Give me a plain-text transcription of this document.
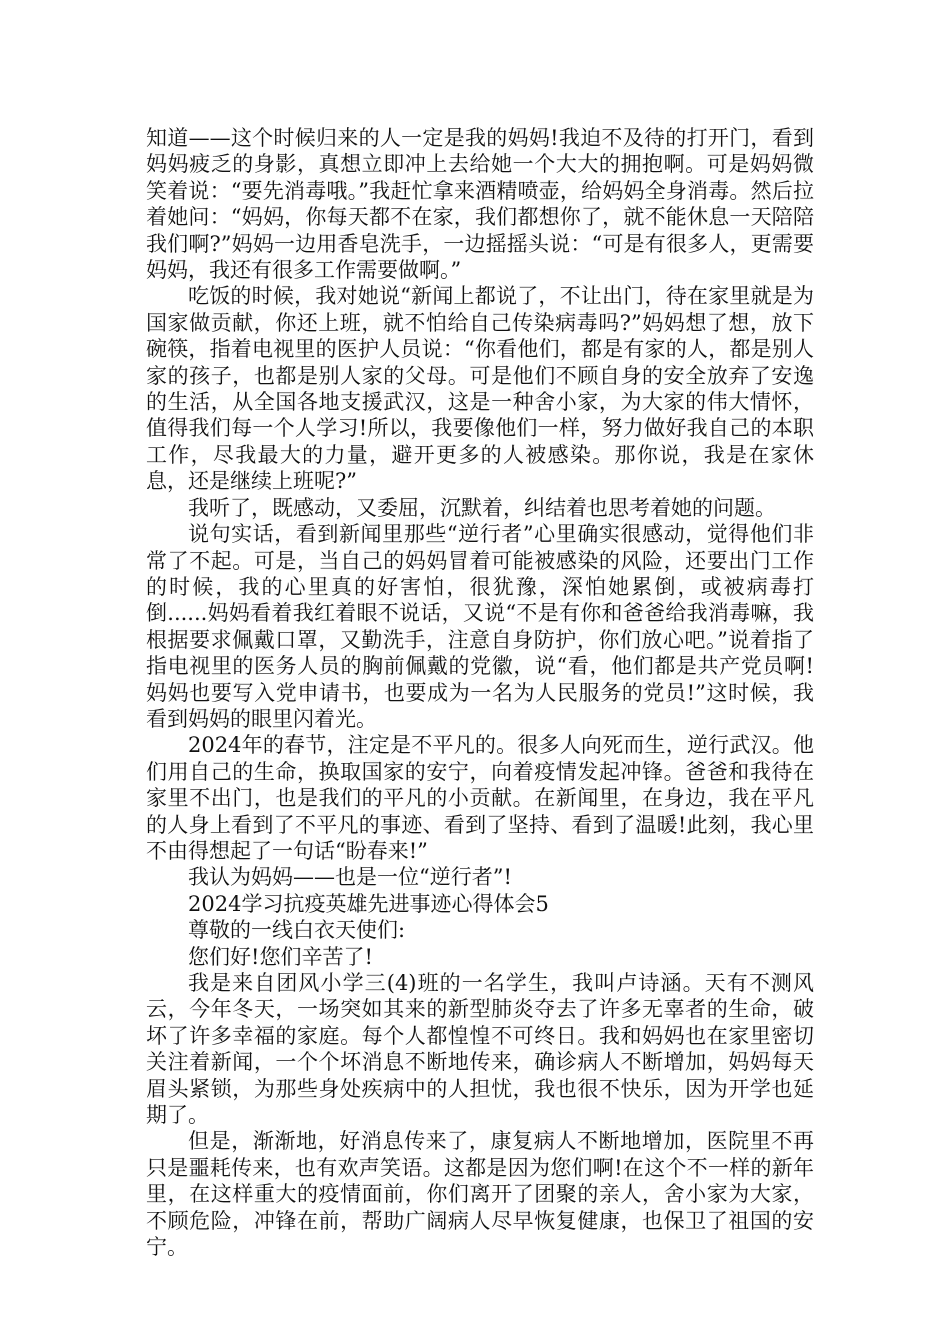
知道——这个时候归来的人一定是我的妈妈!我迫不及待的打开门，看到妈妈疲乏的身影，真想立即冲上去给她一个大大的拥抱啊。可是妈妈微笑着说：“要先消毒哦。”我赶忙拿来酒精喷壶，给妈妈全身消毒。然后拉着她问：“妈妈，你每天都不在家，我们都想你了，就不能休息一天陪陪我们啊?”妈妈一边用香皂洗手，一边摇摇头说：“可是有很多人，更需要妈妈，我还有很多工作需要做啊。”

吃饭的时候，我对她说“新闻上都说了，不让出门，待在家里就是为国家做贡献，你还上班，就不怕给自己传染病毒吗?”妈妈想了想，放下碗筷，指着电视里的医护人员说：“你看他们，都是有家的人，都是别人家的孩子，也都是别人家的父母。可是他们不顾自身的安全放弃了安逸的生活，从全国各地支援武汉，这是一种舍小家，为大家的伟大情怀，值得我们每一个人学习!所以，我要像他们一样，努力做好我自己的本职工作，尽我最大的力量，避开更多的人被感染。那你说，我是在家休息，还是继续上班呢?”

我听了，既感动，又委屈，沉默着，纠结着也思考着她的问题。

说句实话，看到新闻里那些“逆行者”心里确实很感动，觉得他们非常了不起。可是，当自己的妈妈冒着可能被感染的风险，还要出门工作的时候，我的心里真的好害怕，很犹豫，深怕她累倒，或被病毒打倒......妈妈看着我红着眼不说话，又说“不是有你和爸爸给我消毒嘛，我根据要求佩戴口罩，又勤洗手，注意自身防护，你们放心吧。”说着指了指电视里的医务人员的胸前佩戴的党徽，说“看，他们都是共产党员啊!妈妈也要写入党申请书，也要成为一名为人民服务的党员!”这时候，我看到妈妈的眼里闪着光。

2024年的春节，注定是不平凡的。很多人向死而生，逆行武汉。他们用自己的生命，换取国家的安宁，向着疫情发起冲锋。爸爸和我待在家里不出门，也是我们的平凡的小贡献。在新闻里，在身边，我在平凡的人身上看到了不平凡的事迹、看到了坚持、看到了温暖!此刻，我心里不由得想起了一句话“盼春来!”

我认为妈妈——也是一位“逆行者”!

2024学习抗疫英雄先进事迹心得体会5

尊敬的一线白衣天使们:

您们好!您们辛苦了!

我是来自团风小学三(4)班的一名学生，我叫卢诗涵。天有不测风云，今年冬天，一场突如其来的新型肺炎夺去了许多无辜者的生命，破坏了许多幸福的家庭。每个人都惶惶不可终日。我和妈妈也在家里密切关注着新闻，一个个坏消息不断地传来，确诊病人不断增加，妈妈每天眉头紧锁，为那些身处疾病中的人担忧，我也很不快乐，因为开学也延期了。

但是，渐渐地，好消息传来了，康复病人不断地增加，医院里不再只是噩耗传来，也有欢声笑语。这都是因为您们啊!在这个不一样的新年里，在这样重大的疫情面前，你们离开了团聚的亲人，舍小家为大家，不顾危险，冲锋在前，帮助广阔病人尽早恢复健康，也保卫了祖国的安宁。
